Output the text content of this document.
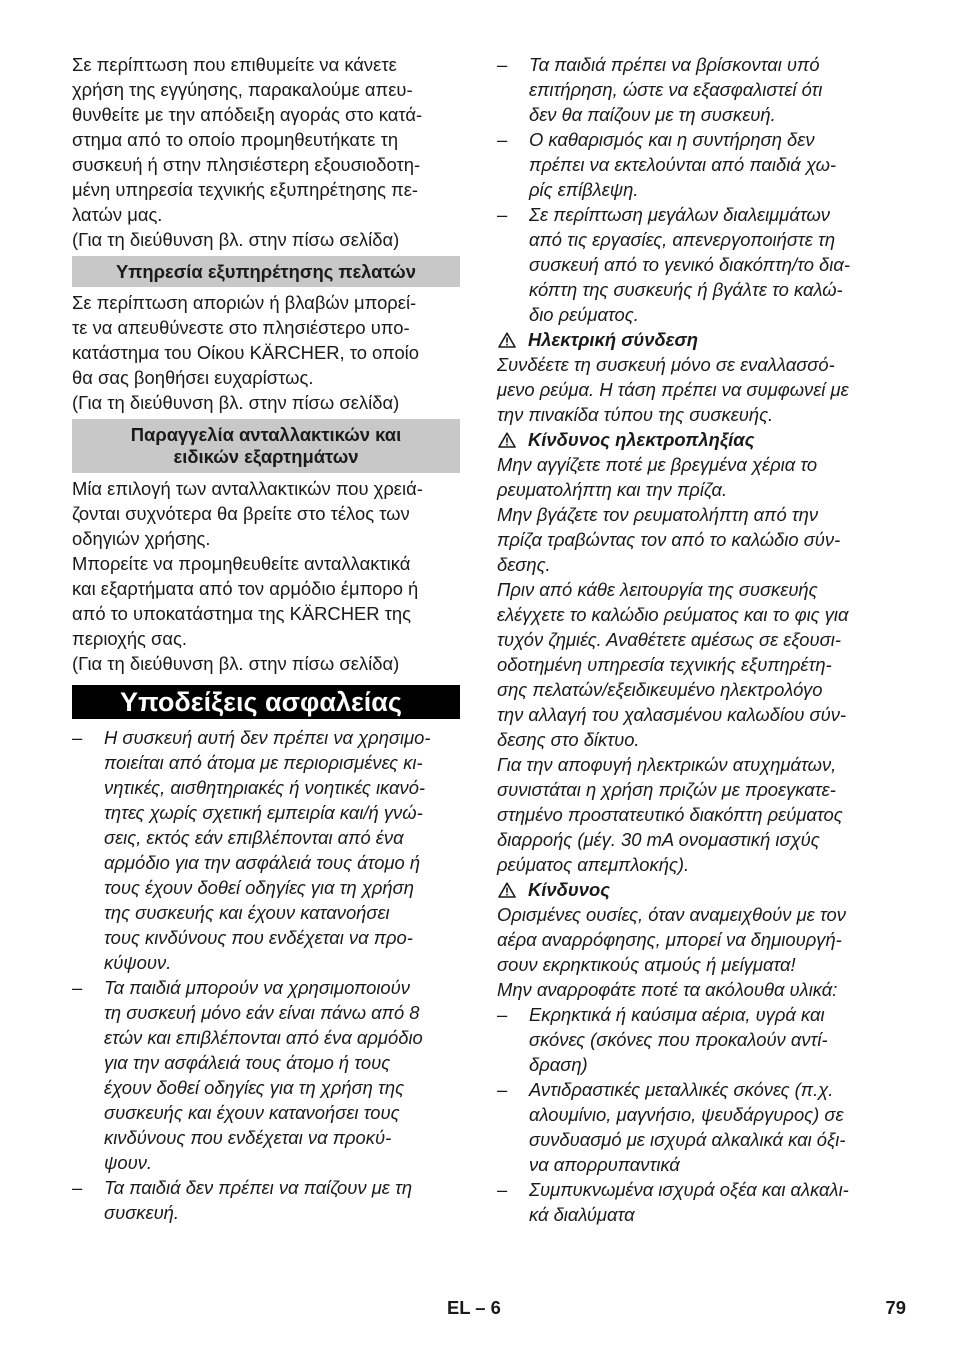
Σε περίπτωση που επιθυμείτε να κάνετε
χρήση της εγγύησης, παρακαλούμε απευ-
θυνθείτε με την απόδειξη αγοράς στο κατά-
στημα από το οποίο προμηθευτήκατε τη
συσκευή ή στην πλησιέστερη εξουσιοδοτη-
μένη υπηρεσία τεχνικής εξυπηρέτησης πε-
λατών μας.

(Για τη διεύθυνση βλ. στην πίσω σελίδα)

Υπηρεσία εξυπηρέτησης πελατών

Σε περίπτωση αποριών ή βλαβών μπορεί-
τε να απευθύνεστε στο πλησιέστερο υπο-
κατάστημα του Οίκου KÄRCHER, το οποίο
θα σας βοηθήσει ευχαρίστως.

(Για τη διεύθυνση βλ. στην πίσω σελίδα)

Παραγγελία ανταλλακτικών και
ειδικών εξαρτημάτων

Μία επιλογή των ανταλλακτικών που χρειά-
ζονται συχνότερα θα βρείτε στο τέλος των
οδηγιών χρήσης.

Μπορείτε να προμηθευθείτε ανταλλακτικά
και εξαρτήματα από τον αρμόδιο έμπορο ή
από το υποκατάστημα της KÄRCHER της
περιοχής σας.

(Για τη διεύθυνση βλ. στην πίσω σελίδα)

Υποδείξεις ασφαλείας
– Η συσκευή αυτή δεν πρέπει να χρησιμο-
ποιείται από άτομα με περιορισμένες κι-
νητικές, αισθητηριακές ή νοητικές ικανό-
τητες χωρίς σχετική εμπειρία και/ή γνώ-
σεις, εκτός εάν επιβλέπονται από ένα
αρμόδιο για την ασφάλειά τους άτομο ή
τους έχουν δοθεί οδηγίες για τη χρήση
της συσκευής και έχουν κατανοήσει
τους κινδύνους που ενδέχεται να προ-
κύψουν.
– Τα παιδιά μπορούν να χρησιμοποιούν
τη συσκευή μόνο εάν είναι πάνω από 8
ετών και επιβλέπονται από ένα αρμόδιο
για την ασφάλειά τους άτομο ή τους
έχουν δοθεί οδηγίες για τη χρήση της
συσκευής και έχουν κατανοήσει τους
κινδύνους που ενδέχεται να προκύ-
ψουν.
– Τα παιδιά δεν πρέπει να παίζουν με τη
συσκευή.
– Τα παιδιά πρέπει να βρίσκονται υπό
επιτήρηση, ώστε να εξασφαλιστεί ότι
δεν θα παίζουν με τη συσκευή.
– Ο καθαρισμός και η συντήρηση δεν
πρέπει να εκτελούνται από παιδιά χω-
ρίς επίβλεψη.
– Σε περίπτωση μεγάλων διαλειμμάτων
από τις εργασίες, απενεργοποιήστε τη
συσκευή από το γενικό διακόπτη/το δια-
κόπτη της συσκευής ή βγάλτε το καλώ-
διο ρεύματος.
Ηλεκτρική σύνδεση

Συνδέετε τη συσκευή μόνο σε εναλλασσό-
μενο ρεύμα. Η τάση πρέπει να συμφωνεί με
την πινακίδα τύπου της συσκευής.

Κίνδυνος ηλεκτροπληξίας

Μην αγγίζετε ποτέ με βρεγμένα χέρια το
ρευματολήπτη και την πρίζα.

Μην βγάζετε τον ρευματολήπτη από την
πρίζα τραβώντας τον από το καλώδιο σύν-
δεσης.

Πριν από κάθε λειτουργία της συσκευής
ελέγχετε το καλώδιο ρεύματος και το φις για
τυχόν ζημιές. Αναθέτετε αμέσως σε εξουσι-
οδοτημένη υπηρεσία τεχνικής εξυπηρέτη-
σης πελατών/εξειδικευμένο ηλεκτρολόγο
την αλλαγή του χαλασμένου καλωδίου σύν-
δεσης στο δίκτυο.

Για την αποφυγή ηλεκτρικών ατυχημάτων,
συνιστάται η χρήση πριζών με προεγκατε-
στημένο προστατευτικό διακόπτη ρεύματος
διαρροής (μέγ. 30 mA ονομαστική ισχύς
ρεύματος απεμπλοκής).

Κίνδυνος

Ορισμένες ουσίες, όταν αναμειχθούν με τον
αέρα αναρρόφησης, μπορεί να δημιουργή-
σουν εκρηκτικούς ατμούς ή μείγματα!

Μην αναρροφάτε ποτέ τα ακόλουθα υλικά:

– Εκρηκτικά ή καύσιμα αέρια, υγρά και
σκόνες (σκόνες που προκαλούν αντί-
δραση)
– Αντιδραστικές μεταλλικές σκόνες (π.χ.
αλουμίνιο, μαγνήσιο, ψευδάργυρος) σε
συνδυασμό με ισχυρά αλκαλικά και όξι-
να απορρυπαντικά
– Συμπυκνωμένα ισχυρά οξέα και αλκαλι-
κά διαλύματα
EL – 6	79
